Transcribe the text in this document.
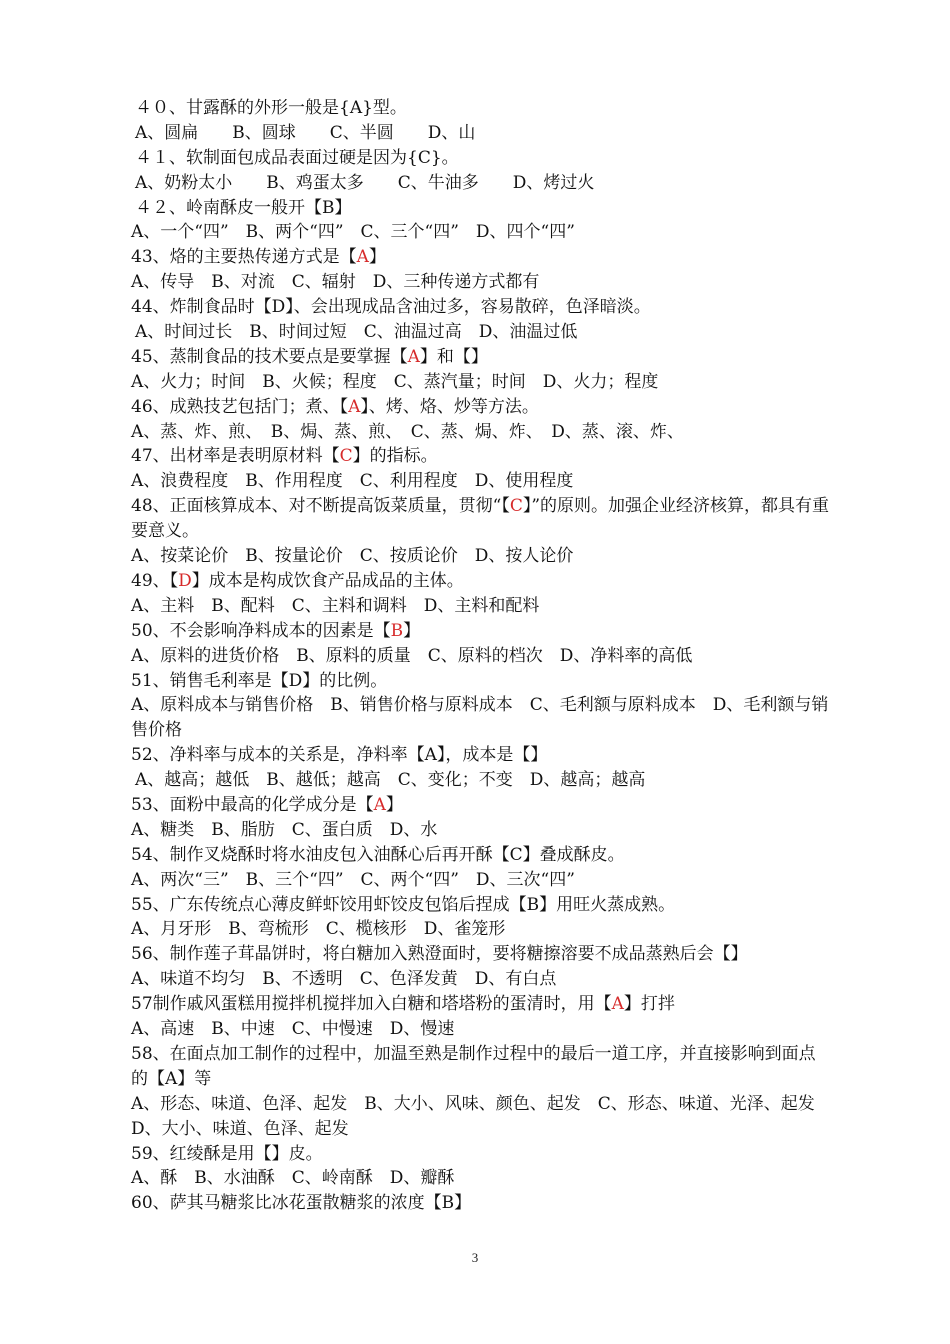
４０、甘露酥的外形一般是{A}型。
A、圆扁　　B、圆球　　C、半圆　　D、山
４１、软制面包成品表面过硬是因为{C}。
A、奶粉太小　　B、鸡蛋太多　　C、牛油多　　D、烤过火
４２、岭南酥皮一般开【B】
A、一个“四”　B、两个“四”　C、三个“四”　D、四个“四”
43、烙的主要热传递方式是【A】
A、传导　B、对流　C、辐射　D、三种传递方式都有
44、炸制食品时【D】、会出现成品含油过多，容易散碎，色泽暗淡。
A、时间过长　B、时间过短　C、油温过高　D、油温过低
45、蒸制食品的技术要点是要掌握【A】和【】
A、火力；时间　B、火候；程度　C、蒸汽量；时间　D、火力；程度
46、成熟技艺包括门；煮、【A】、烤、烙、炒等方法。
A、蒸、炸、煎、　B、焗、蒸、煎、　C、蒸、焗、炸、　D、蒸、滚、炸、
47、出材率是表明原材料【C】的指标。
A、浪费程度　B、作用程度　C、利用程度　D、使用程度
48、正面核算成本、对不断提高饭菜质量，贯彻“【C】”的原则。加强企业经济核算，都具有重要意义。
A、按菜论价　B、按量论价　C、按质论价　D、按人论价
49、【D】成本是构成饮食产品成品的主体。
A、主料　B、配料　C、主料和调料　D、主料和配料
50、不会影响净料成本的因素是【B】
A、原料的进货价格　B、原料的质量　C、原料的档次　D、净料率的高低
51、销售毛利率是【D】的比例。
A、原料成本与销售价格　B、销售价格与原料成本　C、毛利额与原料成本　D、毛利额与销售价格
52、净料率与成本的关系是，净料率【A】，成本是【】
A、越高；越低　B、越低；越高　C、变化；不变　D、越高；越高
53、面粉中最高的化学成分是【A】
A、糖类　B、脂肪　C、蛋白质　D、水
54、制作叉烧酥时将水油皮包入油酥心后再开酥【C】叠成酥皮。
A、两次“三”　B、三个“四”　C、两个“四”　D、三次“四”
55、广东传统点心薄皮鲜虾饺用虾饺皮包馅后捏成【B】用旺火蒸成熟。
A、月牙形　B、弯梳形　C、榄核形　D、雀笼形
56、制作莲子茸晶饼时，将白糖加入熟澄面时，要将糖擦溶要不成品蒸熟后会【】
A、味道不均匀　B、不透明　C、色泽发黄　D、有白点
57制作戚风蛋糕用搅拌机搅拌加入白糖和塔塔粉的蛋清时，用【A】打拌
A、高速　B、中速　C、中慢速　D、慢速
58、在面点加工制作的过程中，加温至熟是制作过程中的最后一道工序，并直接影响到面点的【A】等
A、形态、味道、色泽、起发　B、大小、风味、颜色、起发　C、形态、味道、光泽、起发　D、大小、味道、色泽、起发
59、红绫酥是用【】皮。
A、酥　B、水油酥　C、岭南酥　D、瓣酥
60、萨其马糖浆比冰花蛋散糖浆的浓度【B】
3
